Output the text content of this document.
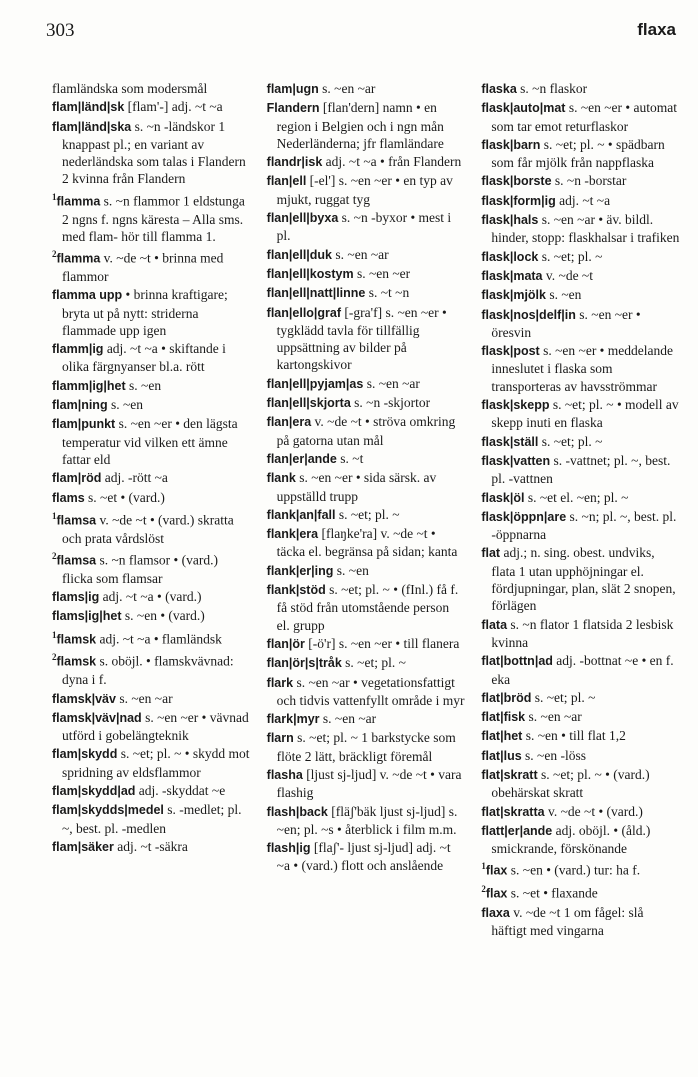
303	flaxa
flamländska som modersmål
flam|länd|sk [flam'-] adj. ~t ~a
flam|länd|ska s. ~n -ländskor 1 knappast pl.; en variant av nederländska som talas i Flandern 2 kvinna från Flandern
$^1$flamma s. ~n flammor 1 eldstunga 2 ngns f. ngns käresta – Alla sms. med flam- hör till flamma 1.
$^2$flamma v. ~de ~t • brinna med flammor
flamma upp • brinna kraftigare; bryta ut på nytt: striderna flammade upp igen
flamm|ig adj. ~t ~a • skiftande i olika färgnyanser bl.a. rött
flamm|ig|het s. ~en
flam|ning s. ~en
flam|punkt s. ~en ~er • den lägsta temperatur vid vilken ett ämne fattar eld
flam|röd adj. -rött ~a
flams s. ~et • (vard.)
$^1$flamsa v. ~de ~t • (vard.) skratta och prata vårdslöst
$^2$flamsa s. ~n flamsor • (vard.) flicka som flamsar
flams|ig adj. ~t ~a • (vard.)
flams|ig|het s. ~en • (vard.)
$^1$flamsk adj. ~t ~a • flamländsk
$^2$flamsk s. oböjl. • flamskvävnad: dyna i f.
flamsk|väv s. ~en ~ar
flamsk|väv|nad s. ~en ~er • vävnad utförd i gobelängteknik
flam|skydd s. ~et; pl. ~ • skydd mot spridning av eldsflammor
flam|skydd|ad adj. -skyddat ~e
flam|skydds|medel s. -medlet; pl. ~, best. pl. -medlen
flam|säker adj. ~t -säkra
flam|ugn s. ~en ~ar
Flandern [flan'dern] namn • en region i Belgien och i ngn mån Nederländerna; jfr flamländare
flandr|isk adj. ~t ~a • från Flandern
flan|ell [-el'] s. ~en ~er • en typ av mjukt, ruggat tyg
flan|ell|byxa s. ~n -byxor • mest i pl.
flan|ell|duk s. ~en ~ar
flan|ell|kostym s. ~en ~er
flan|ell|natt|linne s. ~t ~n
flan|ello|graf [-gra'f] s. ~en ~er • tygklädd tavla för tillfällig uppsättning av bilder på kartongskivor
flan|ell|pyjam|as s. ~en ~ar
flan|ell|skjorta s. ~n -skjortor
flan|era v. ~de ~t • ströva omkring på gatorna utan mål
flan|er|ande s. ~t
flank s. ~en ~er • sida särsk. av uppställd trupp
flank|an|fall s. ~et; pl. ~
flank|era [flaŋke'ra] v. ~de ~t • täcka el. begränsa på sidan; kanta
flank|er|ing s. ~en
flank|stöd s. ~et; pl. ~ • (fInl.) få f. få stöd från utomstående person el. grupp
flan|ör [-ö'r] s. ~en ~er • till flanera
flan|ör|s|tråk s. ~et; pl. ~
flark s. ~en ~ar • vegetationsfattigt och tidvis vattenfyllt område i myr
flark|myr s. ~en ~ar
flarn s. ~et; pl. ~ 1 barkstycke som flöte 2 lätt, bräckligt föremål
flasha [ljust sj-ljud] v. ~de ~t • vara flashig
flash|back [fläʃ'bäk ljust sj-ljud] s. ~en; pl. ~s • återblick i film m.m.
flash|ig [flaʃ'- ljust sj-ljud] adj. ~t ~a • (vard.) flott och anslående
flaska s. ~n flaskor
flask|auto|mat s. ~en ~er • automat som tar emot returflaskor
flask|barn s. ~et; pl. ~ • spädbarn som får mjölk från nappflaska
flask|borste s. ~n -borstar
flask|form|ig adj. ~t ~a
flask|hals s. ~en ~ar • äv. bildl. hinder, stopp: flaskhalsar i trafiken
flask|lock s. ~et; pl. ~
flask|mata v. ~de ~t
flask|mjölk s. ~en
flask|nos|delf|in s. ~en ~er • öresvin
flask|post s. ~en ~er • meddelande inneslutet i flaska som transporteras av havsströmmar
flask|skepp s. ~et; pl. ~ • modell av skepp inuti en flaska
flask|ställ s. ~et; pl. ~
flask|vatten s. -vattnet; pl. ~, best. pl. -vattnen
flask|öl s. ~et el. ~en; pl. ~
flask|öppn|are s. ~n; pl. ~, best. pl. -öppnarna
flat adj.; n. sing. obest. undviks, flata 1 utan upphöjningar el. fördjupningar, plan, slät 2 snopen, förlägen
flata s. ~n flator 1 flatsida 2 lesbisk kvinna
flat|bottn|ad adj. -bottnat ~e • en f. eka
flat|bröd s. ~et; pl. ~
flat|fisk s. ~en ~ar
flat|het s. ~en • till flat 1,2
flat|lus s. ~en -löss
flat|skratt s. ~et; pl. ~ • (vard.) obehärskat skratt
flat|skratta v. ~de ~t • (vard.)
flatt|er|ande adj. oböjl. • (åld.) smickrande, förskönande
$^1$flax s. ~en • (vard.) tur: ha f.
$^2$flax s. ~et • flaxande
flaxa v. ~de ~t 1 om fågel: slå häftigt med vingarna
